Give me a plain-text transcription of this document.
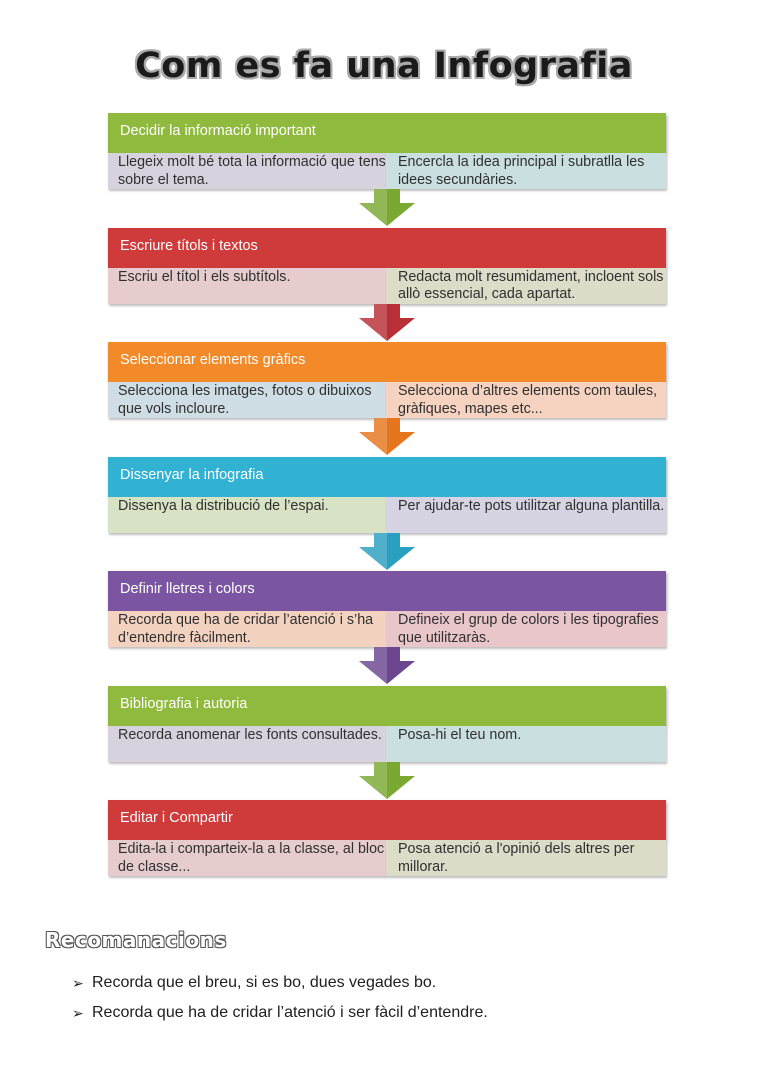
Com es fa una Infografia
Decidir la informació important
Llegeix molt bé tota la informació que tens sobre el tema.
Encercla la idea principal i subratlla les idees secundàries.
Escriure títols i textos
Escriu el títol i els subtítols.	Redacta molt resumidament, incloent sols allò essencial, cada apartat.
Seleccionar elements gràfics
Selecciona les imatges, fotos o dibuixos que vols incloure.
Selecciona d’altres elements com taules, gràfiques, mapes etc...
Dissenyar la infografia
Dissenya la distribució de l’espai.	Per ajudar-te pots utilitzar alguna plantilla.
Definir lletres i colors
Recorda que ha de cridar l’atenció i s’ha d’entendre fàcilment.
Defineix el grup de colors i les tipografies que utilitzaràs.
Bibliografia i autoria
Recorda anomenar les fonts consultades.	Posa-hi el teu nom.
Editar i Compartir
Edita-la i comparteix-la a la classe, al bloc de classe...
Posa atenció a l'opinió dels altres per millorar.
Recomanacions
➢ Recorda que el breu, si es bo, dues vegades bo.
➢ Recorda que ha de cridar l’atenció i ser fàcil d’entendre.
